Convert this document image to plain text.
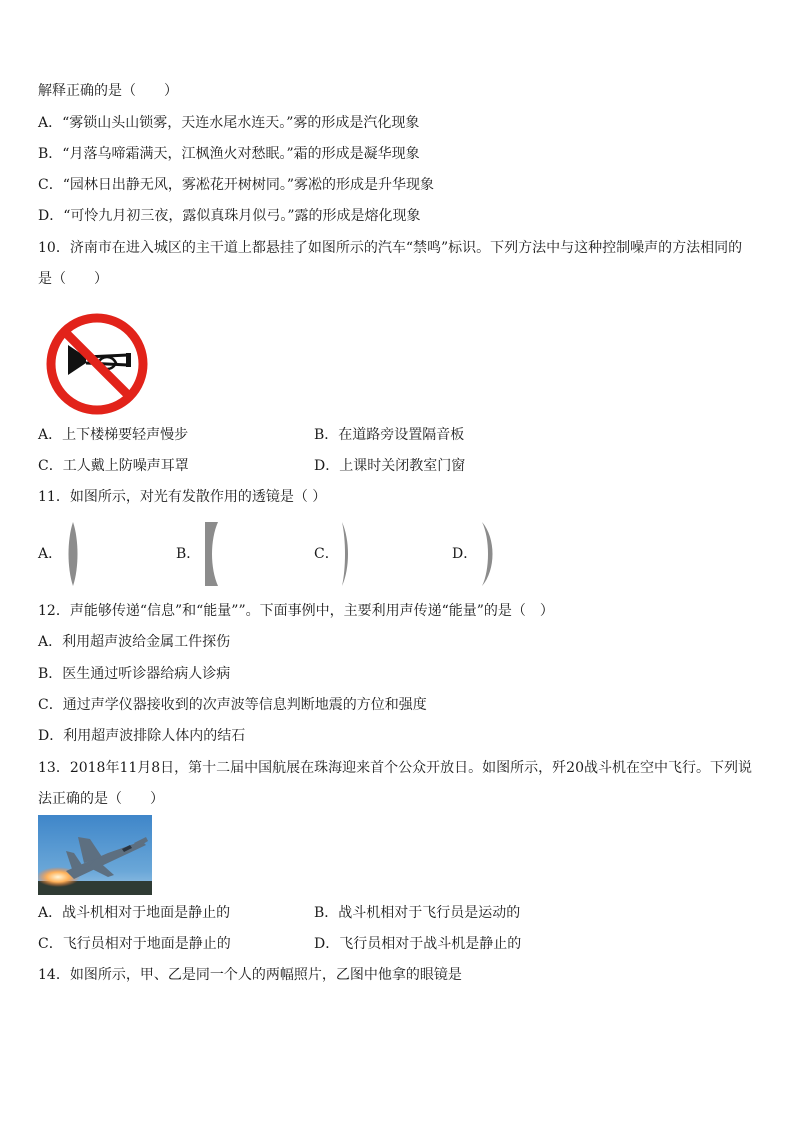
解释正确的是（　　）
A．“雾锁山头山锁雾，天连水尾水连天。”雾的形成是汽化现象
B．“月落乌啼霜满天，江枫渔火对愁眠。”霜的形成是凝华现象
C．“园林日出静无风，雾凇花开树树同。”雾凇的形成是升华现象
D．“可怜九月初三夜，露似真珠月似弓。”露的形成是熔化现象
10．济南市在进入城区的主干道上都悬挂了如图所示的汽车“禁鸣”标识。下列方法中与这种控制噪声的方法相同的
是（　　）
A．上下楼梯要轻声慢步	B．在道路旁设置隔音板
C．工人戴上防噪声耳罩	D．上课时关闭教室门窗
11．如图所示，对光有发散作用的透镜是（ ）
A．	B．	C．	D．
12．声能够传递“信息”和“能量””。下面事例中，主要利用声传递“能量”的是（　）
A．利用超声波给金属工件探伤
B．医生通过听诊器给病人诊病
C．通过声学仪器接收到的次声波等信息判断地震的方位和强度
D．利用超声波排除人体内的结石
13．2018年11月8日，第十二届中国航展在珠海迎来首个公众开放日。如图所示，歼20战斗机在空中飞行。下列说
法正确的是（　　）
A．战斗机相对于地面是静止的	B．战斗机相对于飞行员是运动的
C．飞行员相对于地面是静止的	D．飞行员相对于战斗机是静止的
14．如图所示，甲、乙是同一个人的两幅照片，乙图中他拿的眼镜是
